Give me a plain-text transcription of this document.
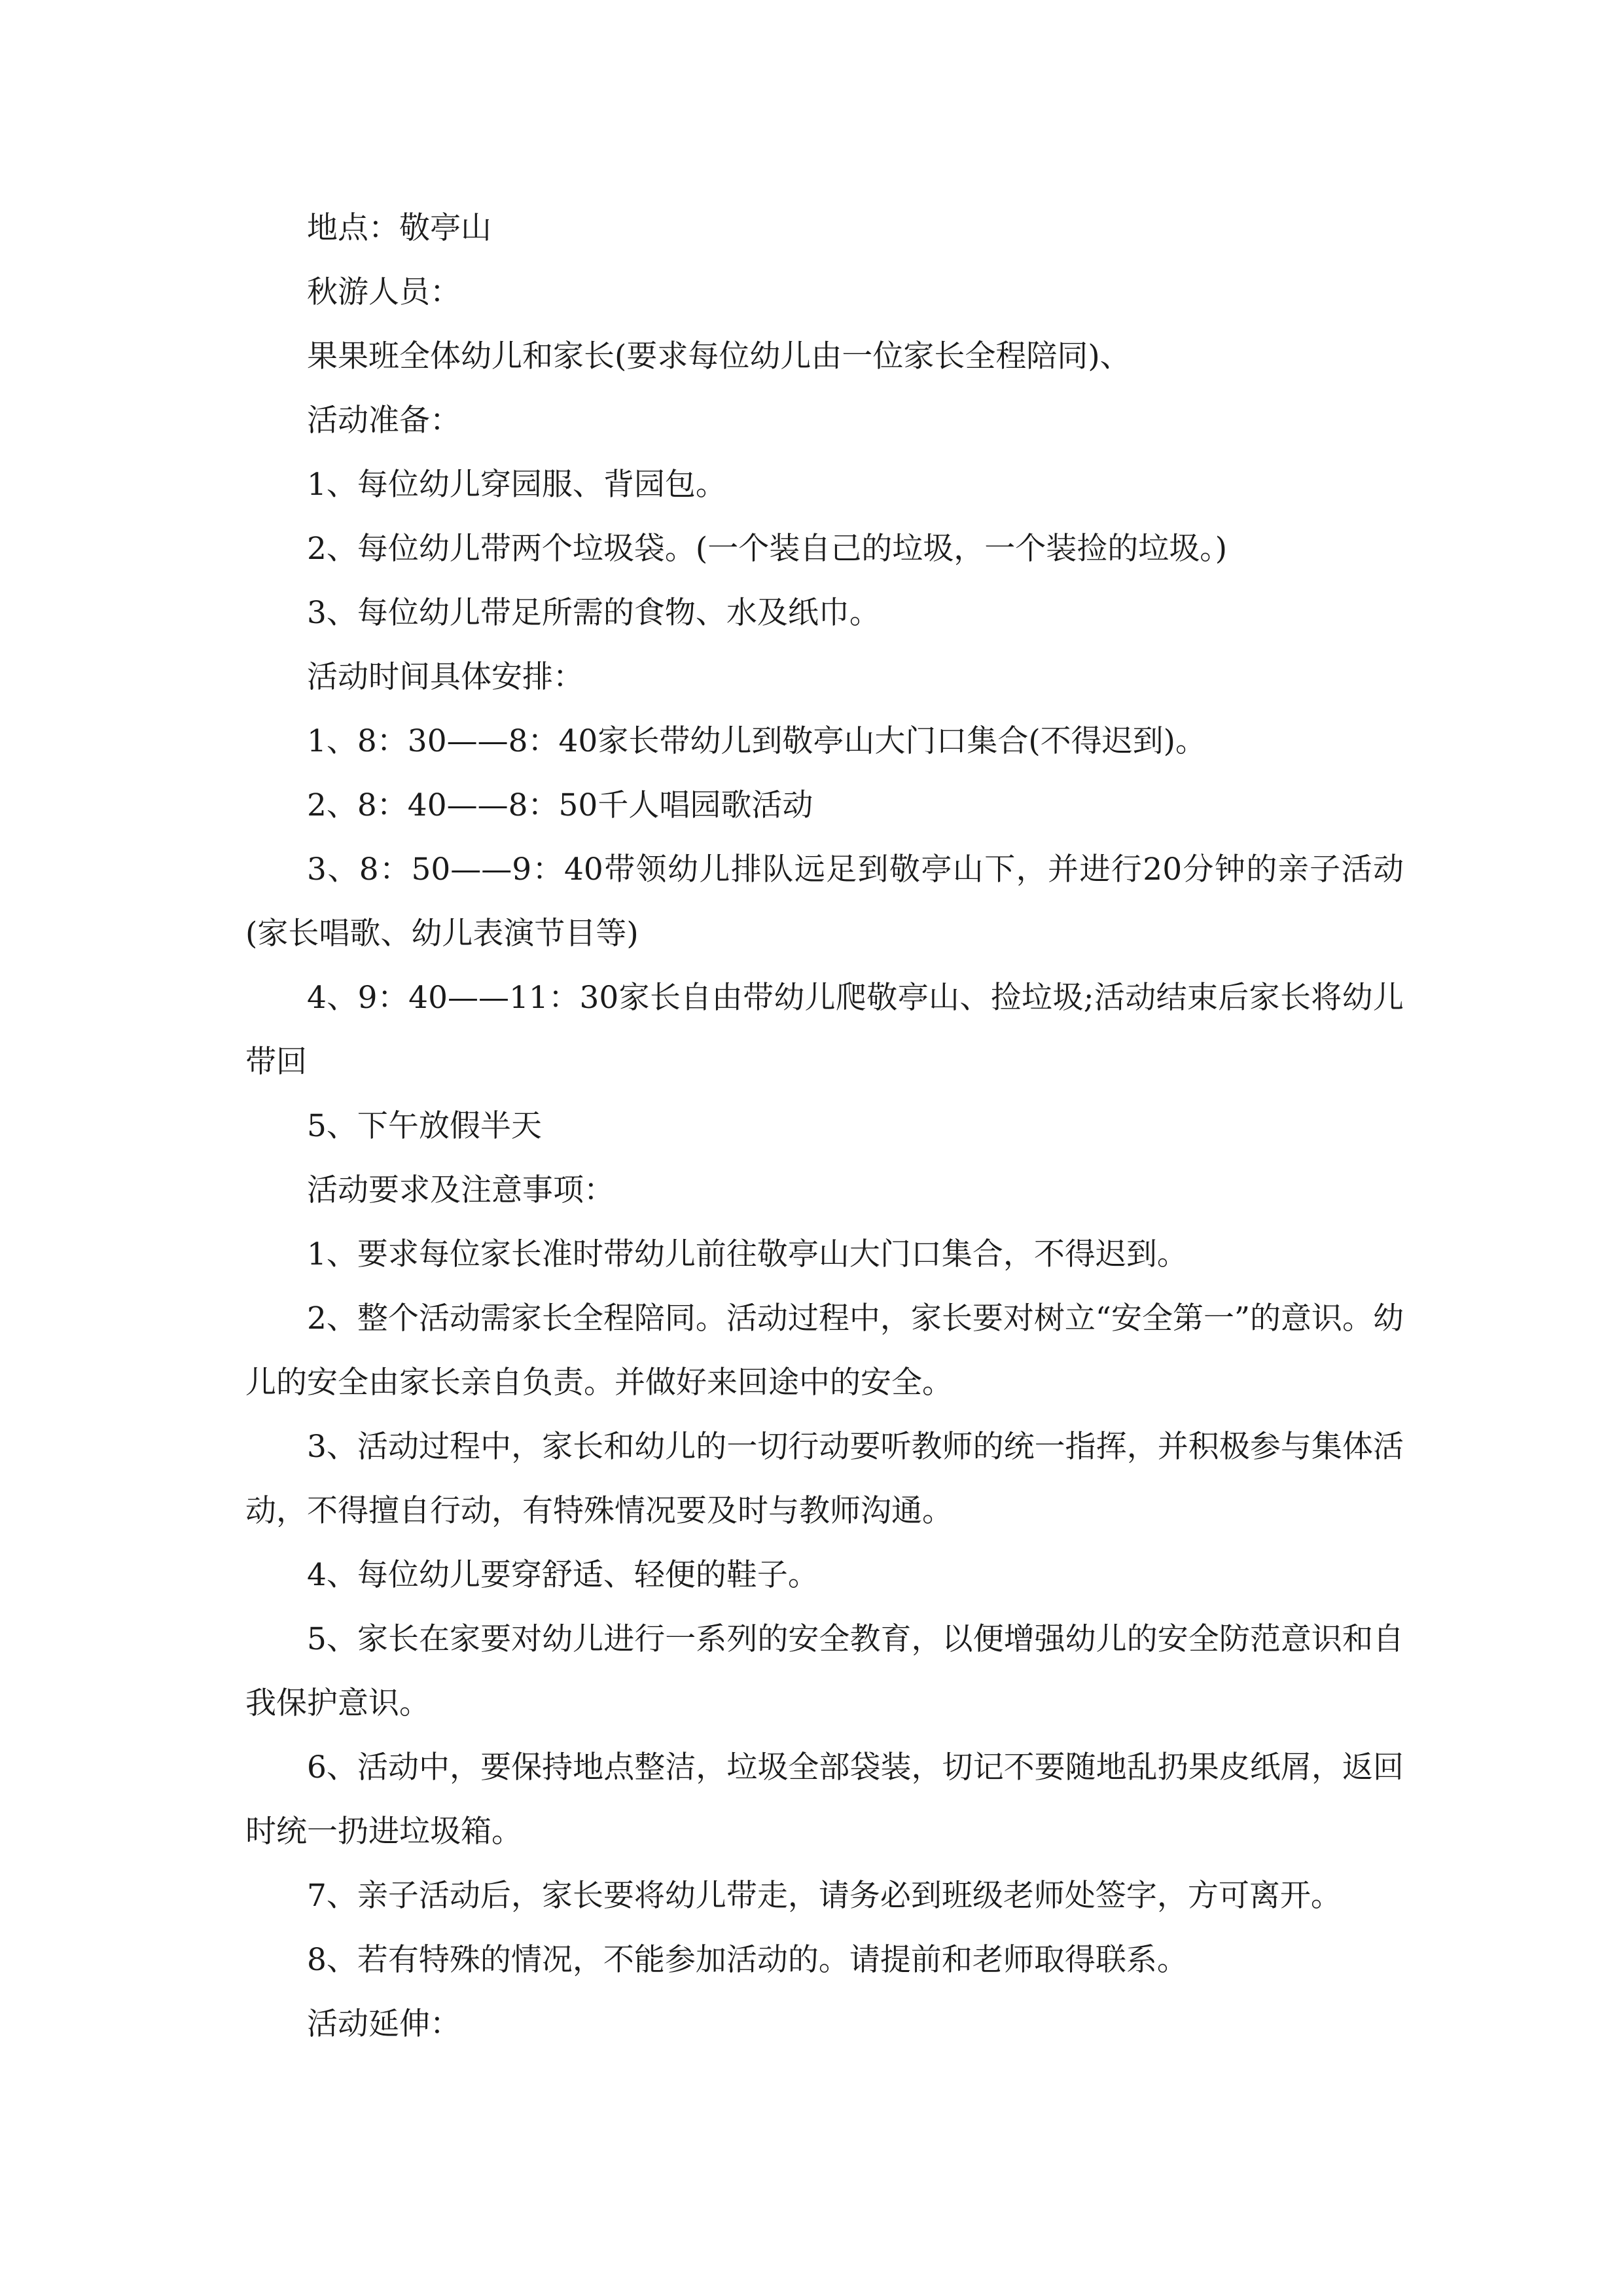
地点：敬亭山

秋游人员：

果果班全体幼儿和家长(要求每位幼儿由一位家长全程陪同)、

活动准备：

1、每位幼儿穿园服、背园包。

2、每位幼儿带两个垃圾袋。(一个装自己的垃圾，一个装捡的垃圾。)

3、每位幼儿带足所需的食物、水及纸巾。

活动时间具体安排：

1、8：30——8：40家长带幼儿到敬亭山大门口集合(不得迟到)。

2、8：40——8：50千人唱园歌活动

3、8：50——9：40带领幼儿排队远足到敬亭山下，并进行20分钟的亲子活动(家长唱歌、幼儿表演节目等)

4、9：40——11：30家长自由带幼儿爬敬亭山、捡垃圾;活动结束后家长将幼儿带回

5、下午放假半天

活动要求及注意事项：

1、要求每位家长准时带幼儿前往敬亭山大门口集合，不得迟到。

2、整个活动需家长全程陪同。活动过程中，家长要对树立“安全第一”的意识。幼儿的安全由家长亲自负责。并做好来回途中的安全。

3、活动过程中，家长和幼儿的一切行动要听教师的统一指挥，并积极参与集体活动，不得擅自行动，有特殊情况要及时与教师沟通。

4、每位幼儿要穿舒适、轻便的鞋子。

5、家长在家要对幼儿进行一系列的安全教育，以便增强幼儿的安全防范意识和自我保护意识。

6、活动中，要保持地点整洁，垃圾全部袋装，切记不要随地乱扔果皮纸屑，返回时统一扔进垃圾箱。

7、亲子活动后，家长要将幼儿带走，请务必到班级老师处签字，方可离开。

8、若有特殊的情况，不能参加活动的。请提前和老师取得联系。

活动延伸：
